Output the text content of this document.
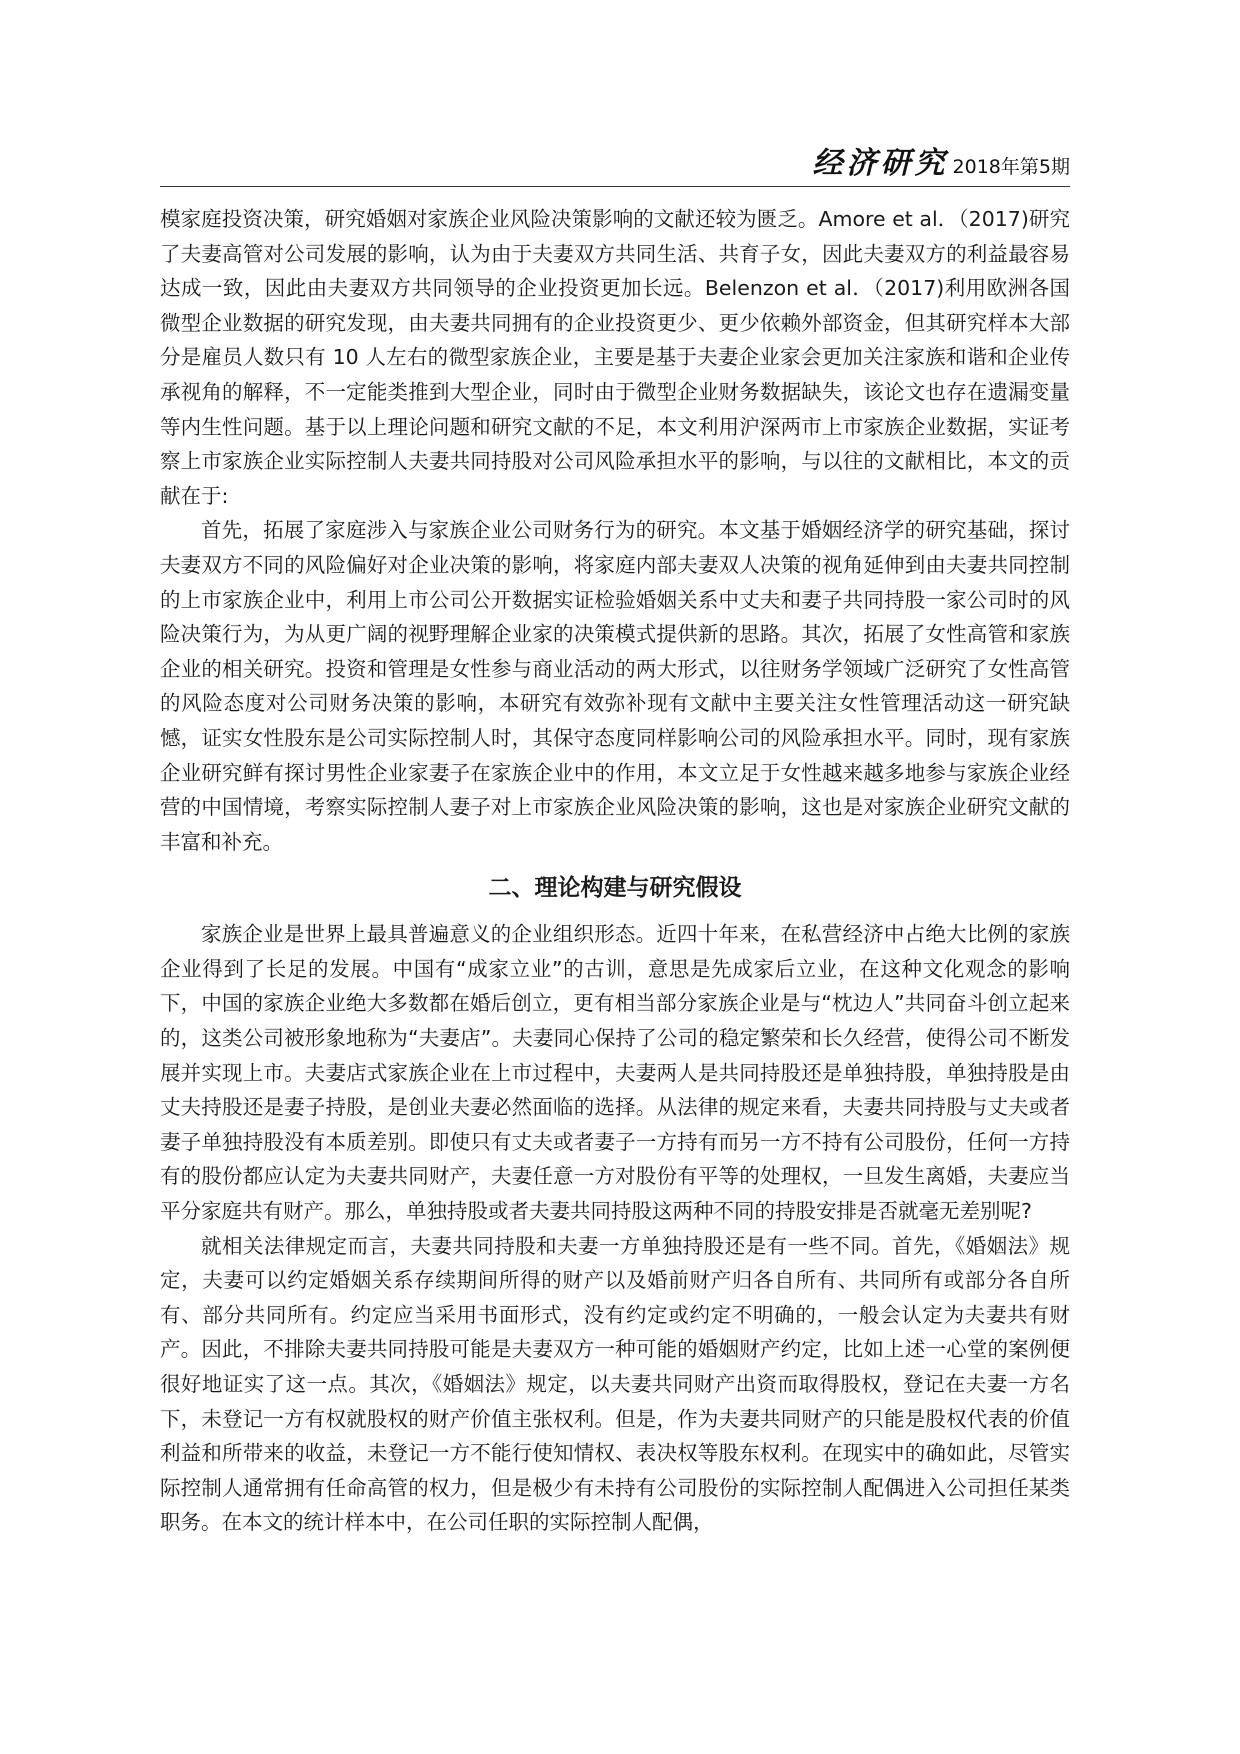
经济研究 2018年第5期

模家庭投资决策，研究婚姻对家族企业风险决策影响的文献还较为匮乏。Amore et al．（2017)研究了夫妻高管对公司发展的影响，认为由于夫妻双方共同生活、共育子女，因此夫妻双方的利益最容易达成一致，因此由夫妻双方共同领导的企业投资更加长远。Belenzon et al．（2017)利用欧洲各国微型企业数据的研究发现，由夫妻共同拥有的企业投资更少、更少依赖外部资金，但其研究样本大部分是雇员人数只有 10 人左右的微型家族企业，主要是基于夫妻企业家会更加关注家族和谐和企业传承视角的解释，不一定能类推到大型企业，同时由于微型企业财务数据缺失，该论文也存在遗漏变量等内生性问题。基于以上理论问题和研究文献的不足，本文利用沪深两市上市家族企业数据，实证考察上市家族企业实际控制人夫妻共同持股对公司风险承担水平的影响，与以往的文献相比，本文的贡献在于:

首先，拓展了家庭涉入与家族企业公司财务行为的研究。本文基于婚姻经济学的研究基础，探讨夫妻双方不同的风险偏好对企业决策的影响，将家庭内部夫妻双人决策的视角延伸到由夫妻共同控制的上市家族企业中，利用上市公司公开数据实证检验婚姻关系中丈夫和妻子共同持股一家公司时的风险决策行为，为从更广阔的视野理解企业家的决策模式提供新的思路。其次，拓展了女性高管和家族企业的相关研究。投资和管理是女性参与商业活动的两大形式，以往财务学领域广泛研究了女性高管的风险态度对公司财务决策的影响，本研究有效弥补现有文献中主要关注女性管理活动这一研究缺憾，证实女性股东是公司实际控制人时，其保守态度同样影响公司的风险承担水平。同时，现有家族企业研究鲜有探讨男性企业家妻子在家族企业中的作用，本文立足于女性越来越多地参与家族企业经营的中国情境，考察实际控制人妻子对上市家族企业风险决策的影响，这也是对家族企业研究文献的丰富和补充。

二、理论构建与研究假设

家族企业是世界上最具普遍意义的企业组织形态。近四十年来，在私营经济中占绝大比例的家族企业得到了长足的发展。中国有“成家立业”的古训，意思是先成家后立业，在这种文化观念的影响下，中国的家族企业绝大多数都在婚后创立，更有相当部分家族企业是与“枕边人”共同奋斗创立起来的，这类公司被形象地称为“夫妻店”。夫妻同心保持了公司的稳定繁荣和长久经营，使得公司不断发展并实现上市。夫妻店式家族企业在上市过程中，夫妻两人是共同持股还是单独持股，单独持股是由丈夫持股还是妻子持股，是创业夫妻必然面临的选择。从法律的规定来看，夫妻共同持股与丈夫或者妻子单独持股没有本质差别。即使只有丈夫或者妻子一方持有而另一方不持有公司股份，任何一方持有的股份都应认定为夫妻共同财产，夫妻任意一方对股份有平等的处理权，一旦发生离婚，夫妻应当平分家庭共有财产。那么，单独持股或者夫妻共同持股这两种不同的持股安排是否就毫无差别呢?

就相关法律规定而言，夫妻共同持股和夫妻一方单独持股还是有一些不同。首先，《婚姻法》规定，夫妻可以约定婚姻关系存续期间所得的财产以及婚前财产归各自所有、共同所有或部分各自所有、部分共同所有。约定应当采用书面形式，没有约定或约定不明确的，一般会认定为夫妻共有财产。因此，不排除夫妻共同持股可能是夫妻双方一种可能的婚姻财产约定，比如上述一心堂的案例便很好地证实了这一点。其次，《婚姻法》规定，以夫妻共同财产出资而取得股权，登记在夫妻一方名下，未登记一方有权就股权的财产价值主张权利。但是，作为夫妻共同财产的只能是股权代表的价值利益和所带来的收益，未登记一方不能行使知情权、表决权等股东权利。在现实中的确如此，尽管实际控制人通常拥有任命高管的权力，但是极少有未持有公司股份的实际控制人配偶进入公司担任某类职务。在本文的统计样本中，在公司任职的实际控制人配偶，
